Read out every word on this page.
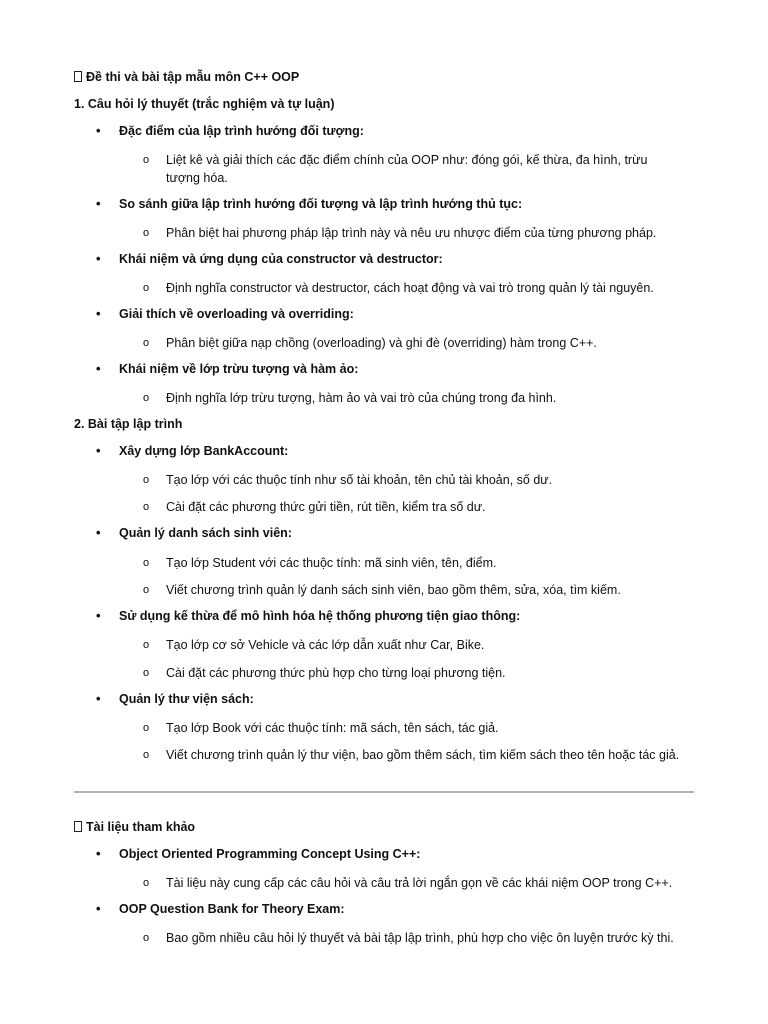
Đề thi và bài tập mẫu môn C++ OOP
1. Câu hỏi lý thuyết (trắc nghiệm và tự luận)
• Đặc điểm của lập trình hướng đối tượng:
o Liệt kê và giải thích các đặc điểm chính của OOP như: đóng gói, kế thừa, đa hình, trừu tượng hóa.
• So sánh giữa lập trình hướng đối tượng và lập trình hướng thủ tục:
o Phân biệt hai phương pháp lập trình này và nêu ưu nhược điểm của từng phương pháp.
• Khái niệm và ứng dụng của constructor và destructor:
o Định nghĩa constructor và destructor, cách hoạt động và vai trò trong quản lý tài nguyên.
• Giải thích về overloading và overriding:
o Phân biệt giữa nạp chồng (overloading) và ghi đè (overriding) hàm trong C++.
• Khái niệm về lớp trừu tượng và hàm ảo:
o Định nghĩa lớp trừu tượng, hàm ảo và vai trò của chúng trong đa hình.
2. Bài tập lập trình
• Xây dựng lớp BankAccount:
o Tạo lớp với các thuộc tính như số tài khoản, tên chủ tài khoản, số dư.
o Cài đặt các phương thức gửi tiền, rút tiền, kiểm tra số dư.
• Quản lý danh sách sinh viên:
o Tạo lớp Student với các thuộc tính: mã sinh viên, tên, điểm.
o Viết chương trình quản lý danh sách sinh viên, bao gồm thêm, sửa, xóa, tìm kiếm.
• Sử dụng kế thừa để mô hình hóa hệ thống phương tiện giao thông:
o Tạo lớp cơ sở Vehicle và các lớp dẫn xuất như Car, Bike.
o Cài đặt các phương thức phù hợp cho từng loại phương tiện.
• Quản lý thư viện sách:
o Tạo lớp Book với các thuộc tính: mã sách, tên sách, tác giả.
o Viết chương trình quản lý thư viện, bao gồm thêm sách, tìm kiếm sách theo tên hoặc tác giả.
Tài liệu tham khảo
• Object Oriented Programming Concept Using C++:
o Tài liệu này cung cấp các câu hỏi và câu trả lời ngắn gọn về các khái niệm OOP trong C++.
• OOP Question Bank for Theory Exam:
o Bao gồm nhiều câu hỏi lý thuyết và bài tập lập trình, phù hợp cho việc ôn luyện trước kỳ thi.
